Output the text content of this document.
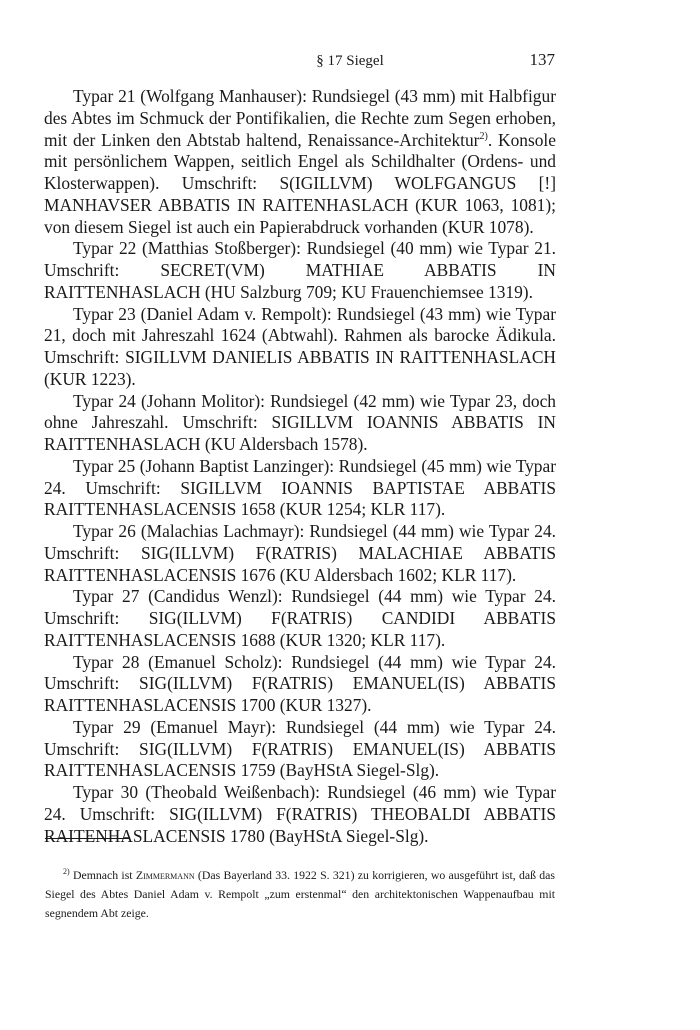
§ 17 Siegel	137

Typar 21 (Wolfgang Manhauser): Rundsiegel (43 mm) mit Halbfigur des Abtes im Schmuck der Pontifikalien, die Rechte zum Segen erhoben, mit der Linken den Abtstab haltend, Renaissance-Architektur$^{2)}$. Konsole mit persönlichem Wappen, seitlich Engel als Schildhalter (Ordens- und Klosterwappen). Umschrift: S(IGILLVM) WOLFGANGUS [!] MANHAVSER ABBATIS IN RAITENHASLACH (KUR 1063, 1081); von diesem Siegel ist auch ein Papierabdruck vorhanden (KUR 1078).

Typar 22 (Matthias Stoßberger): Rundsiegel (40 mm) wie Typar 21. Umschrift: SECRET(VM) MATHIAE ABBATIS IN RAITTENHASLACH (HU Salzburg 709; KU Frauenchiemsee 1319).

Typar 23 (Daniel Adam v. Rempolt): Rundsiegel (43 mm) wie Typar 21, doch mit Jahreszahl 1624 (Abtwahl). Rahmen als barocke Ädikula. Umschrift: SIGILLVM DANIELIS ABBATIS IN RAITTENHASLACH (KUR 1223).

Typar 24 (Johann Molitor): Rundsiegel (42 mm) wie Typar 23, doch ohne Jahreszahl. Umschrift: SIGILLVM IOANNIS ABBATIS IN RAITTENHASLACH (KU Aldersbach 1578).

Typar 25 (Johann Baptist Lanzinger): Rundsiegel (45 mm) wie Typar 24. Umschrift: SIGILLVM IOANNIS BAPTISTAE ABBATIS RAITTENHASLACENSIS 1658 (KUR 1254; KLR 117).

Typar 26 (Malachias Lachmayr): Rundsiegel (44 mm) wie Typar 24. Umschrift: SIG(ILLVM) F(RATRIS) MALACHIAE ABBATIS RAITTENHASLACENSIS 1676 (KU Aldersbach 1602; KLR 117).

Typar 27 (Candidus Wenzl): Rundsiegel (44 mm) wie Typar 24. Umschrift: SIG(ILLVM) F(RATRIS) CANDIDI ABBATIS RAITTENHASLACENSIS 1688 (KUR 1320; KLR 117).

Typar 28 (Emanuel Scholz): Rundsiegel (44 mm) wie Typar 24. Umschrift: SIG(ILLVM) F(RATRIS) EMANUEL(IS) ABBATIS RAITTENHASLACENSIS 1700 (KUR 1327).

Typar 29 (Emanuel Mayr): Rundsiegel (44 mm) wie Typar 24. Umschrift: SIG(ILLVM) F(RATRIS) EMANUEL(IS) ABBATIS RAITTENHASLACENSIS 1759 (BayHStA Siegel-Slg).

Typar 30 (Theobald Weißenbach): Rundsiegel (46 mm) wie Typar 24. Umschrift: SIG(ILLVM) F(RATRIS) THEOBALDI ABBATIS RAITENHASLACENSIS 1780 (BayHStA Siegel-Slg).

$^{2)}$ Demnach ist Zimmermann (Das Bayerland 33. 1922 S. 321) zu korrigieren, wo ausgeführt ist, daß das Siegel des Abtes Daniel Adam v. Rempolt „zum erstenmal“ den architektonischen Wappenaufbau mit segnendem Abt zeige.
